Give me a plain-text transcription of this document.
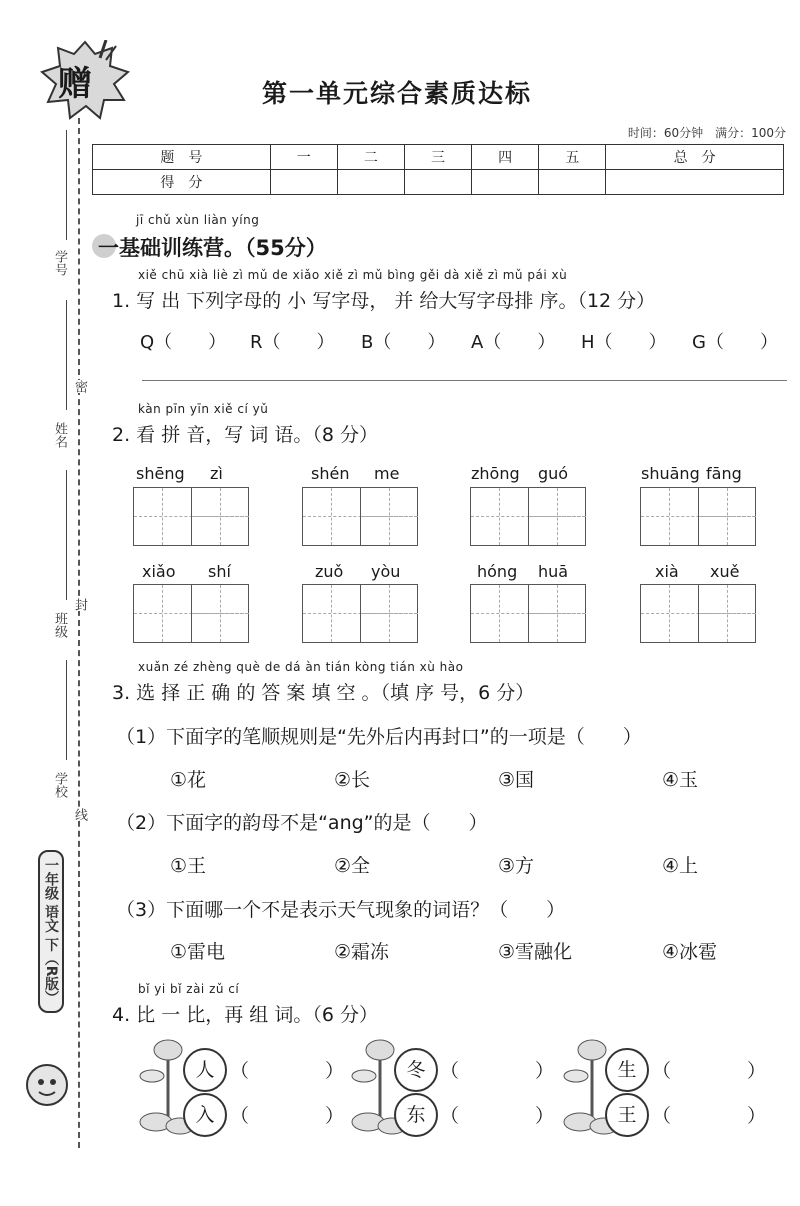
赠
学号
姓名
班级
学校
密
封
线
一年级 语文 下（R版）
第一单元综合素质达标
时间：60分钟　满分：100分
题　号	一	二	三	四	五	总　分
得　分						
jī chǔ xùn liàn yíng
一基础训练营。（55分）
xiě chū xià liè zì mǔ de xiǎo xiě zì mǔ bìng gěi dà xiě zì mǔ pái xù
1. 写 出 下列字母的 小 写字母， 并 给大写字母排 序。（12 分）
Q（　　） R（　　） B（　　） A（　　） H（　　） G（　　）
kàn pīn yīn xiě cí yǔ
2. 看 拼 音，写 词 语。（8 分）
shēng zì	shén me	zhōng guó	shuāng fāng
xiǎo shí	zuǒ yòu	hóng huā	xià xuě
xuǎn zé zhèng què de dá àn tián kòng tián xù hào
3. 选 择 正 确 的 答 案 填 空 。（填 序 号，6 分）
（1）下面字的笔顺规则是“先外后内再封口”的一项是（　　）
①花	②长	③国	④玉
（2）下面字的韵母不是“ang”的是（　　）
①王	②全	③方	④上
（3）下面哪一个不是表示天气现象的词语？（　　）
①雷电	②霜冻	③雪融化	④冰雹
bǐ yi bǐ zài zǔ cí
4. 比 一 比，再 组 词。（6 分）
人 （　　　　）
入 （　　　　）
冬 （　　　　）
东 （　　　　）
生 （　　　　）
王 （　　　　）
